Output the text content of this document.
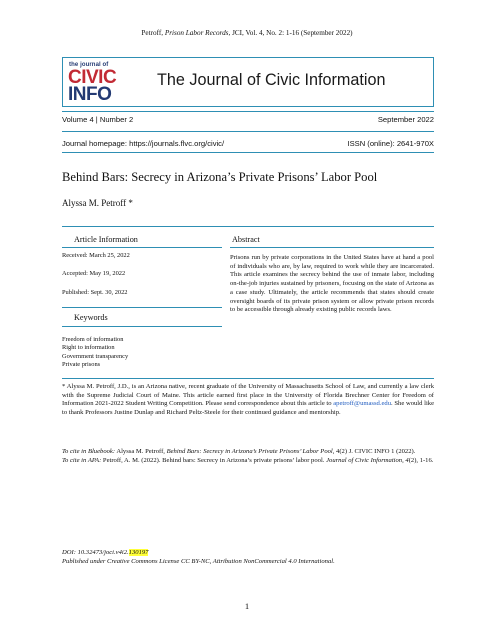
Petroff, Prison Labor Records, JCI, Vol. 4, No. 2: 1-16 (September 2022)
the journal of
CIVIC
INFO
The Journal of Civic Information
Volume 4 | Number 2	September 2022
Journal homepage: https://journals.flvc.org/civic/	ISSN (online): 2641-970X
Behind Bars: Secrecy in Arizona’s Private Prisons’ Labor Pool
Alyssa M. Petroff *
Article Information	Abstract
Received: March 25, 2022
Accepted: May 19, 2022
Published: Sept. 30, 2022
Keywords
Freedom of information
Right to information
Government transparency
Private prisons
Prisons run by private corporations in the United States have at hand a pool of individuals who are, by law, required to work while they are incarcerated. This article examines the secrecy behind the use of inmate labor, including on-the-job injuries sustained by prisoners, focusing on the state of Arizona as a case study. Ultimately, the article recommends that states should create oversight boards of its private prison system or allow private prison records to be accessible through already existing public records laws.
* Alyssa M. Petroff, J.D., is an Arizona native, recent graduate of the University of Massachusetts School of Law, and currently a law clerk with the Supreme Judicial Court of Maine. This article earned first place in the University of Florida Brechner Center for Freedom of Information 2021-2022 Student Writing Competition. Please send correspondence about this article to apetroff@umassd.edu. She would like to thank Professors Justine Dunlap and Richard Peltz-Steele for their continued guidance and mentorship.
To cite in Bluebook: Alyssa M. Petroff, Behind Bars: Secrecy in Arizona’s Private Prisons’ Labor Pool, 4(2) J. CIVIC INFO 1 (2022).
To cite in APA: Petroff, A. M. (2022). Behind bars: Secrecy in Arizona’s private prisons’ labor pool. Journal of Civic Information, 4(2), 1-16.
DOI: 10.32473/joci.v4i2.130197
Published under Creative Commons License CC BY-NC, Attribution NonCommercial 4.0 International.
1
